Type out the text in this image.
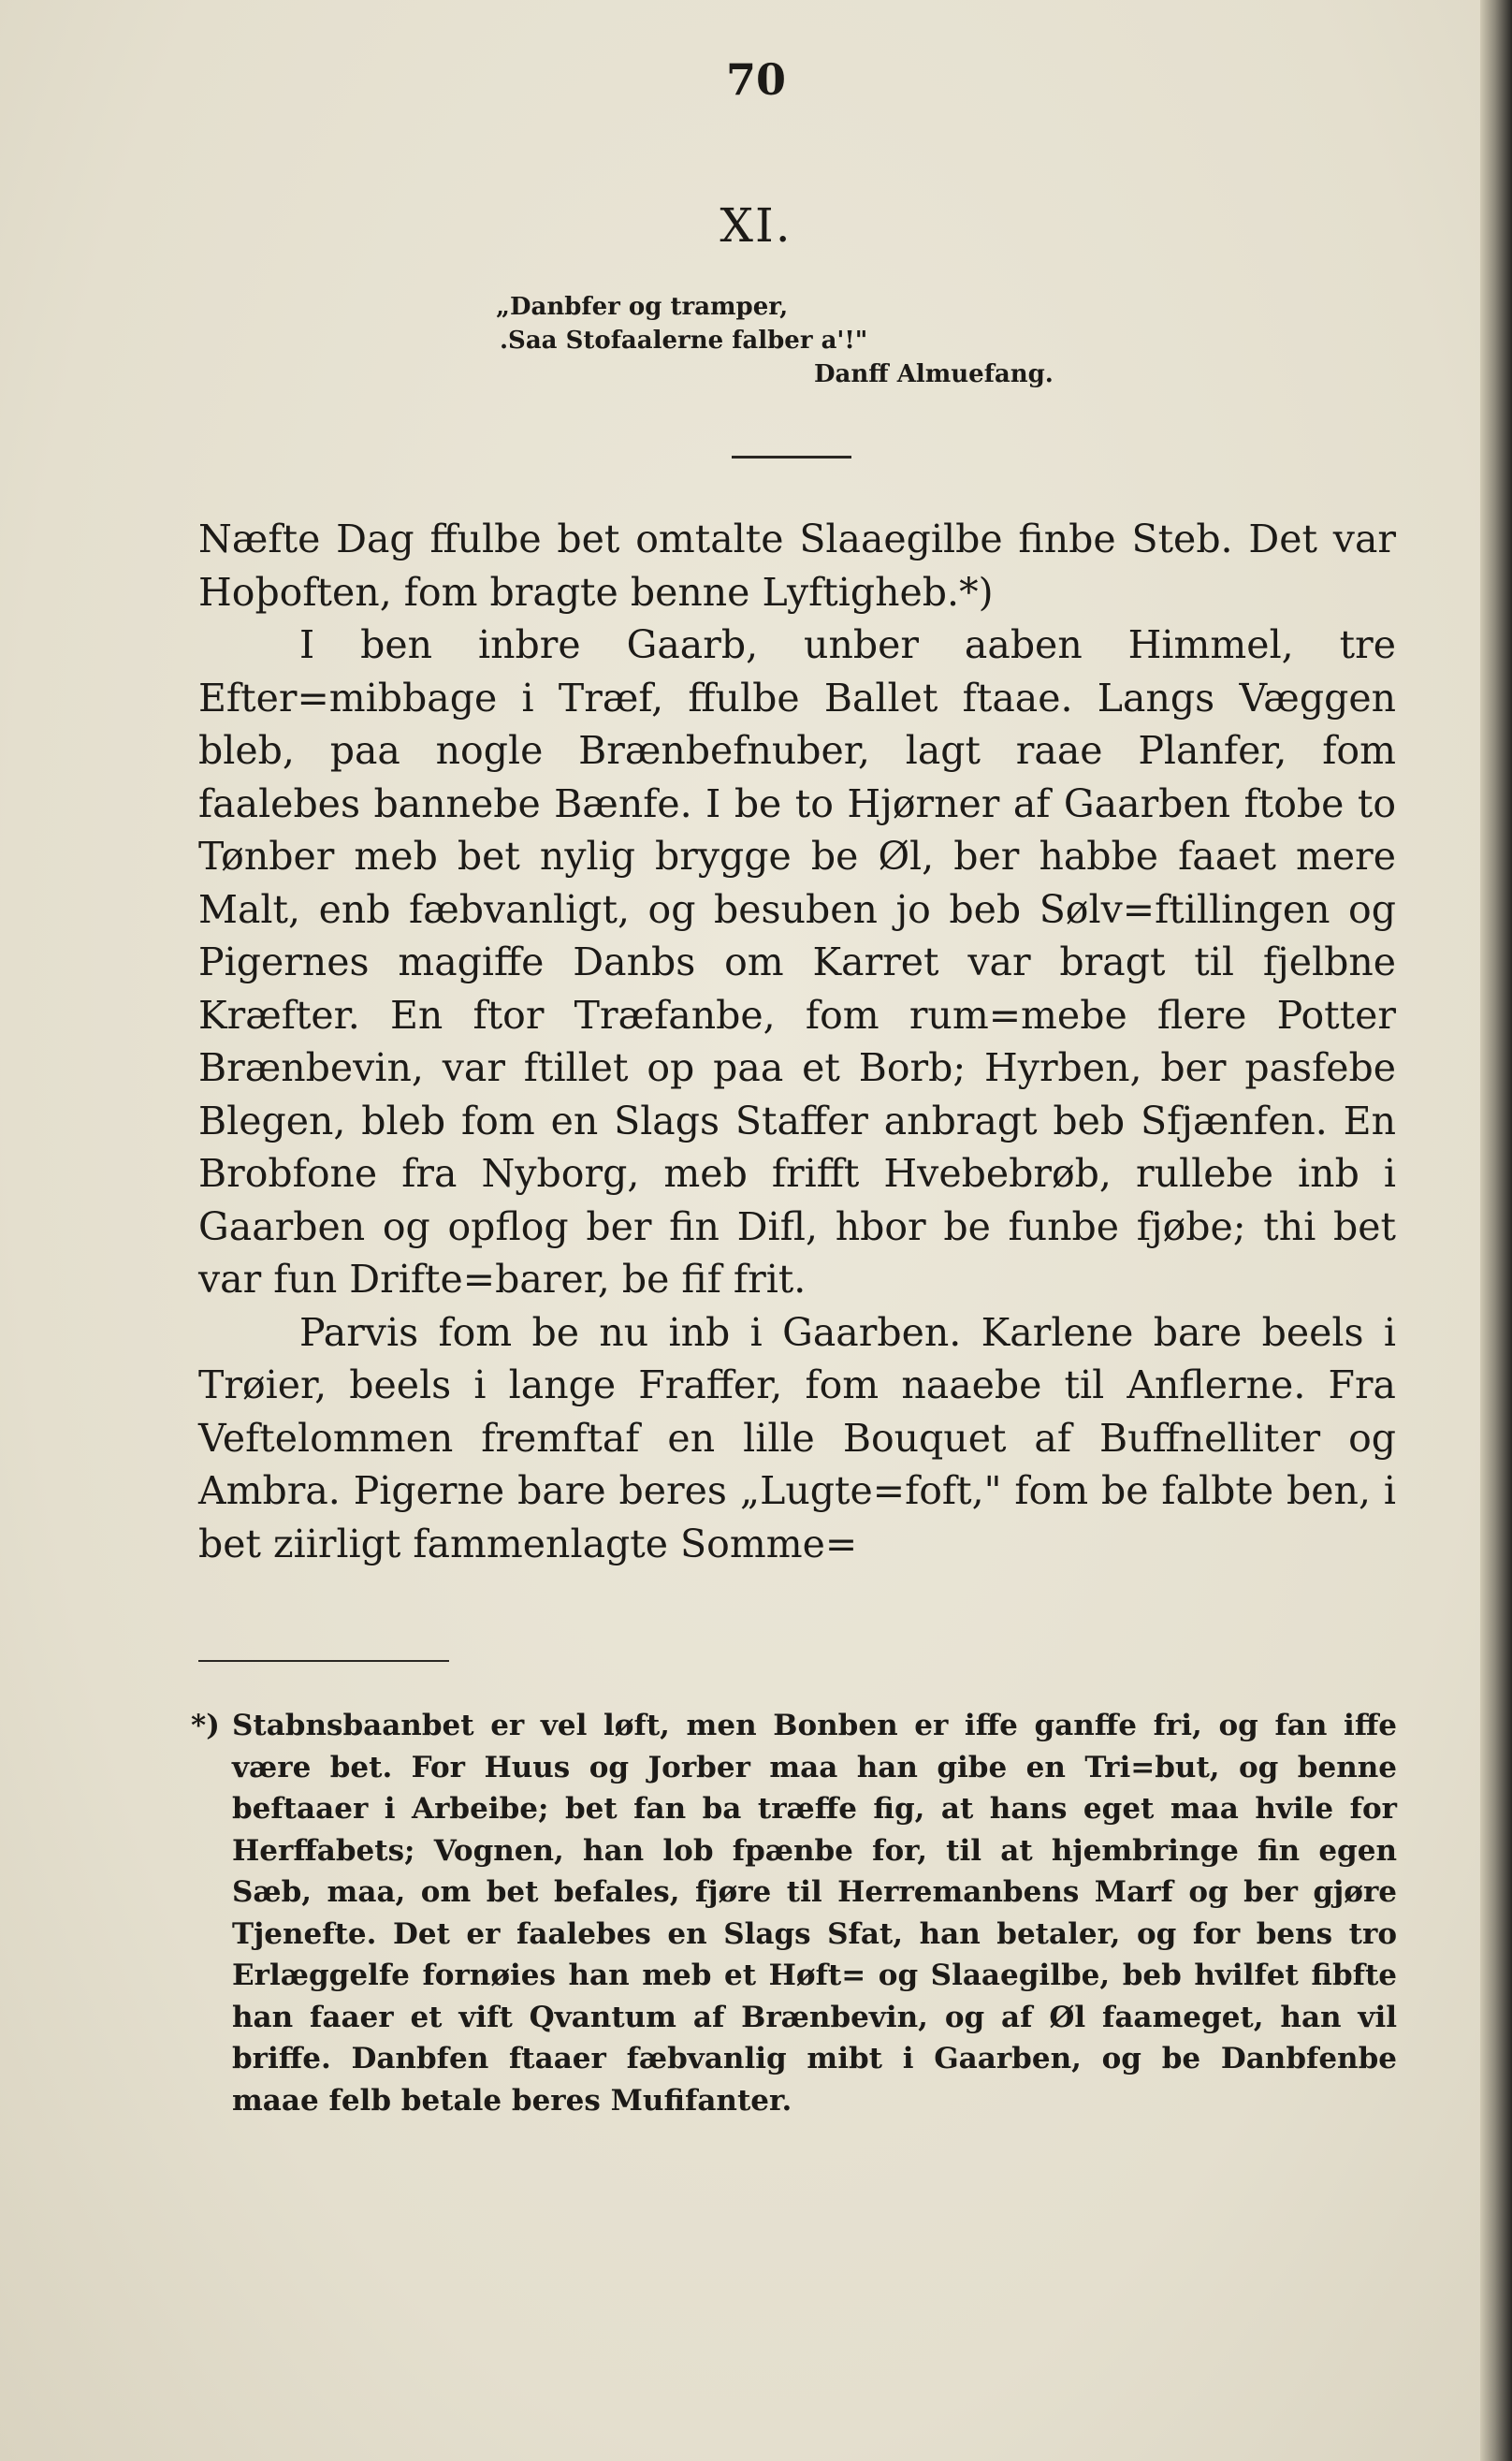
70
XI.
„Danbfer og tramper,
.Saa Stofaalerne falber a'!"
Danff Almuefang.

Næfte Dag ffulbe bet omtalte Slaaegilbe finbe Steb. Det var Hoþoften, fom bragte benne Lyftigheb.*)

I ben inbre Gaarb, unber aaben Himmel, tre Efter=mibbage i Træf, ffulbe Ballet ftaae. Langs Væggen bleb, paa nogle Brænbefnuber, lagt raae Planfer, fom faalebes bannebe Bænfe. I be to Hjørner af Gaarben ftobe to Tønber meb bet nylig brygge be Øl, ber habbe faaet mere Malt, enb fæbvanligt, og besuben jo beb Sølv=ftillingen og Pigernes magiffe Danbs om Karret var bragt til fjelbne Kræfter. En ftor Træfanbe, fom rum=mebe flere Potter Brænbevin, var ftillet op paa et Borb; Hyrben, ber pasfebe Blegen, bleb fom en Slags Staffer anbragt beb Sfjænfen. En Brobfone fra Nyborg, meb frifft Hvebebrøb, rullebe inb i Gaarben og opflog ber fin Difl, hbor be funbe fjøbe; thi bet var fun Drifte=barer, be fif frit.

Parvis fom be nu inb i Gaarben. Karlene bare beels i Trøier, beels i lange Fraffer, fom naaebe til Anflerne. Fra Veftelommen fremftaf en lille Bouquet af Buffnelliter og Ambra. Pigerne bare beres „Lugte=foft," fom be falbte ben, i bet ziirligt fammenlagte Somme=

*) Stabnsbaanbet er vel løft, men Bonben er iffe ganffe fri, og fan iffe være bet. For Huus og Jorber maa han gibe en Tri=but, og benne beftaaer i Arbeibe; bet fan ba træffe fig, at hans eget maa hvile for Herffabets; Vognen, han lob fpænbe for, til at hjembringe fin egen Sæb, maa, om bet befales, fjøre til Herremanbens Marf og ber gjøre Tjenefte. Det er faalebes en Slags Sfat, han betaler, og for bens tro Erlæggelfe fornøies han meb et Høft= og Slaaegilbe, beb hvilfet fibfte han faaer et vift Qvantum af Brænbevin, og af Øl faameget, han vil briffe. Danbfen ftaaer fæbvanlig mibt i Gaarben, og be Danbfenbe maae felb betale beres Mufifanter.
